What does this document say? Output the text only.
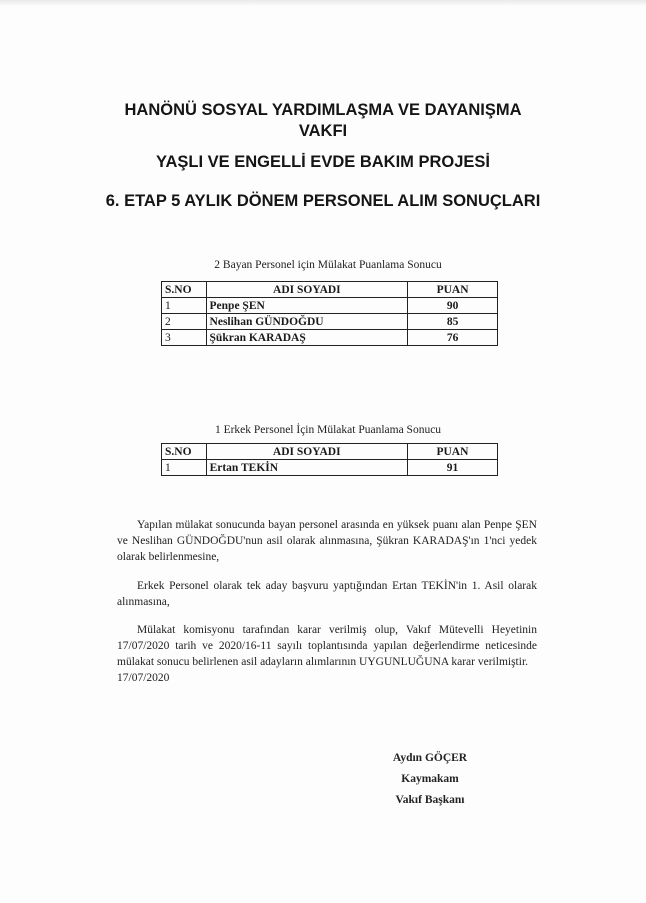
HANÖNÜ SOSYAL YARDIMLAŞMA VE DAYANIŞMA
VAKFI
YAŞLI VE ENGELLİ EVDE BAKIM PROJESİ
6. ETAP 5 AYLIK DÖNEM PERSONEL ALIM SONUÇLARI
2 Bayan Personel için Mülakat Puanlama Sonucu
S.NO	ADI SOYADI	PUAN
1	Penpe ŞEN	90
2	Neslihan GÜNDOĞDU	85
3	Şükran KARADAŞ	76
1 Erkek Personel İçin Mülakat Puanlama Sonucu
S.NO	ADI SOYADI	PUAN
1	Ertan TEKİN	91
Yapılan mülakat sonucunda bayan personel arasında en yüksek puanı alan Penpe ŞEN ve Neslihan GÜNDOĞDU'nun asil olarak alınmasına, Şükran KARADAŞ'ın 1'nci yedek olarak belirlenmesine,
Erkek Personel olarak tek aday başvuru yaptığından Ertan TEKİN'in 1. Asil olarak alınmasına,
Mülakat komisyonu tarafından karar verilmiş olup, Vakıf Mütevelli Heyetinin 17/07/2020 tarih ve 2020/16-11 sayılı toplantısında yapılan değerlendirme neticesinde mülakat sonucu belirlenen asil adayların alımlarının UYGUNLUĞUNA karar verilmiştir.
17/07/2020
Aydın GÖÇER
Kaymakam
Vakıf Başkanı
